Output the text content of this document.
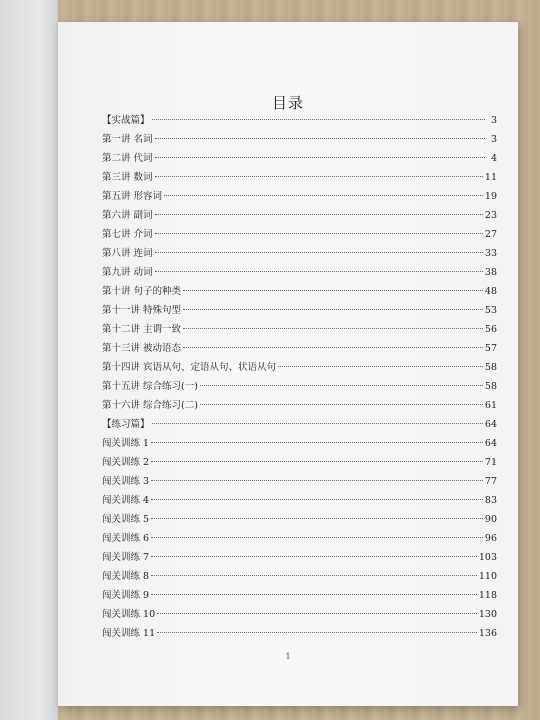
目录
【实战篇】	3
第一讲 名词	3
第二讲 代词	4
第三讲 数词	11
第五讲 形容词	19
第六讲 副词	23
第七讲 介词	27
第八讲 连词	33
第九讲 动词	38
第十讲 句子的种类	48
第十一讲 特殊句型	53
第十二讲 主谓一致	56
第十三讲 被动语态	57
第十四讲 宾语从句、定语从句、状语从句	58
第十五讲 综合练习(一)	58
第十六讲 综合练习(二)	61
【练习篇】	64
闯关训练 1	64
闯关训练 2	71
闯关训练 3	77
闯关训练 4	83
闯关训练 5	90
闯关训练 6	96
闯关训练 7	103
闯关训练 8	110
闯关训练 9	118
闯关训练 10	130
闯关训练 11	136
1
